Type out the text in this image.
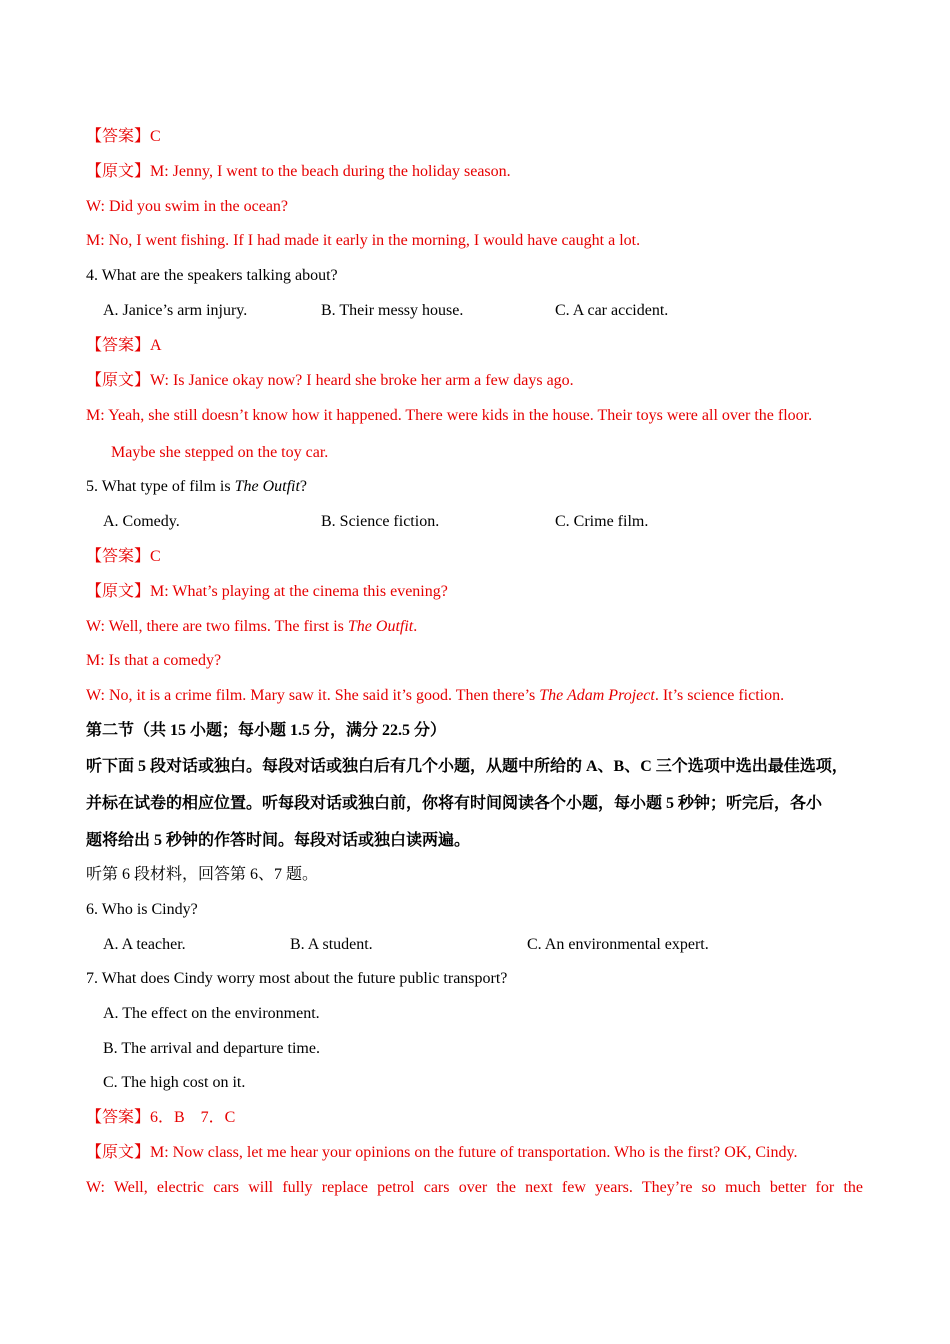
【答案】C
【原文】M: Jenny, I went to the beach during the holiday season.
W: Did you swim in the ocean?
M: No, I went fishing. If I had made it early in the morning, I would have caught a lot.
4. What are the speakers talking about?
A. Janice’s arm injury.	B. Their messy house.	C. A car accident.
【答案】A
【原文】W: Is Janice okay now? I heard she broke her arm a few days ago.
M: Yeah, she still doesn’t know how it happened. There were kids in the house. Their toys were all over the floor.
Maybe she stepped on the toy car.
5. What type of film is The Outfit?
A. Comedy.	B. Science fiction.	C. Crime film.
【答案】C
【原文】M: What’s playing at the cinema this evening?
W: Well, there are two films. The first is The Outfit.
M: Is that a comedy?
W: No, it is a crime film. Mary saw it. She said it’s good. Then there’s The Adam Project. It’s science fiction.
第二节（共 15 小题；每小题 1.5 分，满分 22.5 分）
听下面 5 段对话或独白。每段对话或独白后有几个小题，从题中所给的 A、B、C 三个选项中选出最佳选项，
并标在试卷的相应位置。听每段对话或独白前，你将有时间阅读各个小题，每小题 5 秒钟；听完后，各小
题将给出 5 秒钟的作答时间。每段对话或独白读两遍。
听第 6 段材料，回答第 6、7 题。
6. Who is Cindy?
A. A teacher.	B. A student.	C. An environmental expert.
7. What does Cindy worry most about the future public transport?
A. The effect on the environment.
B. The arrival and departure time.
C. The high cost on it.
【答案】6．B　7．C
【原文】M: Now class, let me hear your opinions on the future of transportation. Who is the first? OK, Cindy.
W: Well, electric cars will fully replace petrol cars over the next few years. They’re so much better for the
